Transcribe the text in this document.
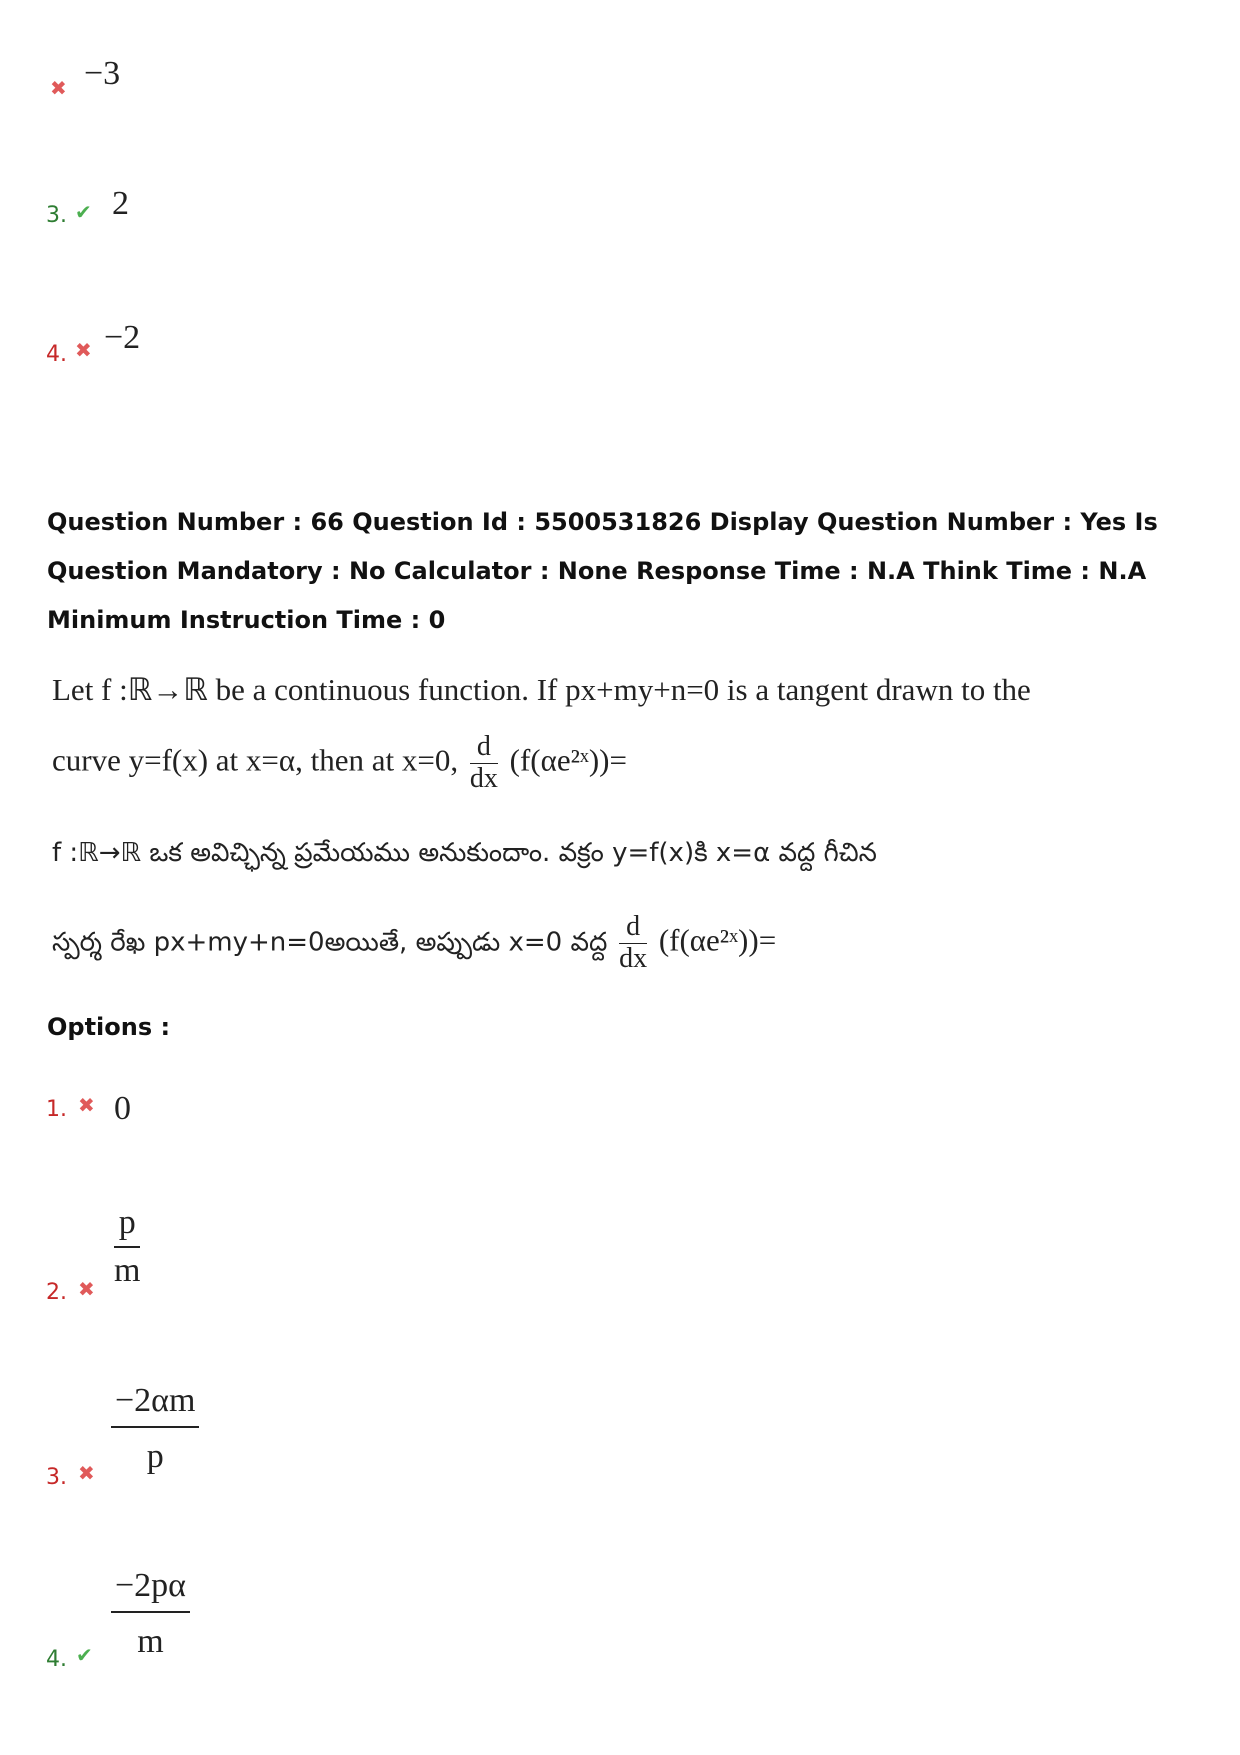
✖ −3
3. ✔ 2
4. ✖ −2
Question Number : 66 Question Id : 5500531826 Display Question Number : Yes Is Question Mandatory : No Calculator : None Response Time : N.A Think Time : N.A Minimum Instruction Time : 0
Let f :ℝ→ℝ be a continuous function. If px+my+n=0 is a tangent drawn to the
curve y=f(x) at x=α, then at x=0, $\frac{d}{dx}$ (f(αe²ˣ))=
f :ℝ→ℝ ఒక అవిచ్ఛిన్న ప్రమేయము అనుకుందాం. వక్రం y=f(x)కి x=α వద్ద గీచిన
స్పర్శ రేఖ px+my+n=0అయితే, అప్పుడు x=0 వద్ద $\frac{d}{dx}$ (f(αe²ˣ))=
Options :
1. ✖ 0
2. ✖ $\frac{p}{m}$
3. ✖ $\frac{-2\alpha m}{p}$
4. ✔ $\frac{-2p\alpha}{m}$
